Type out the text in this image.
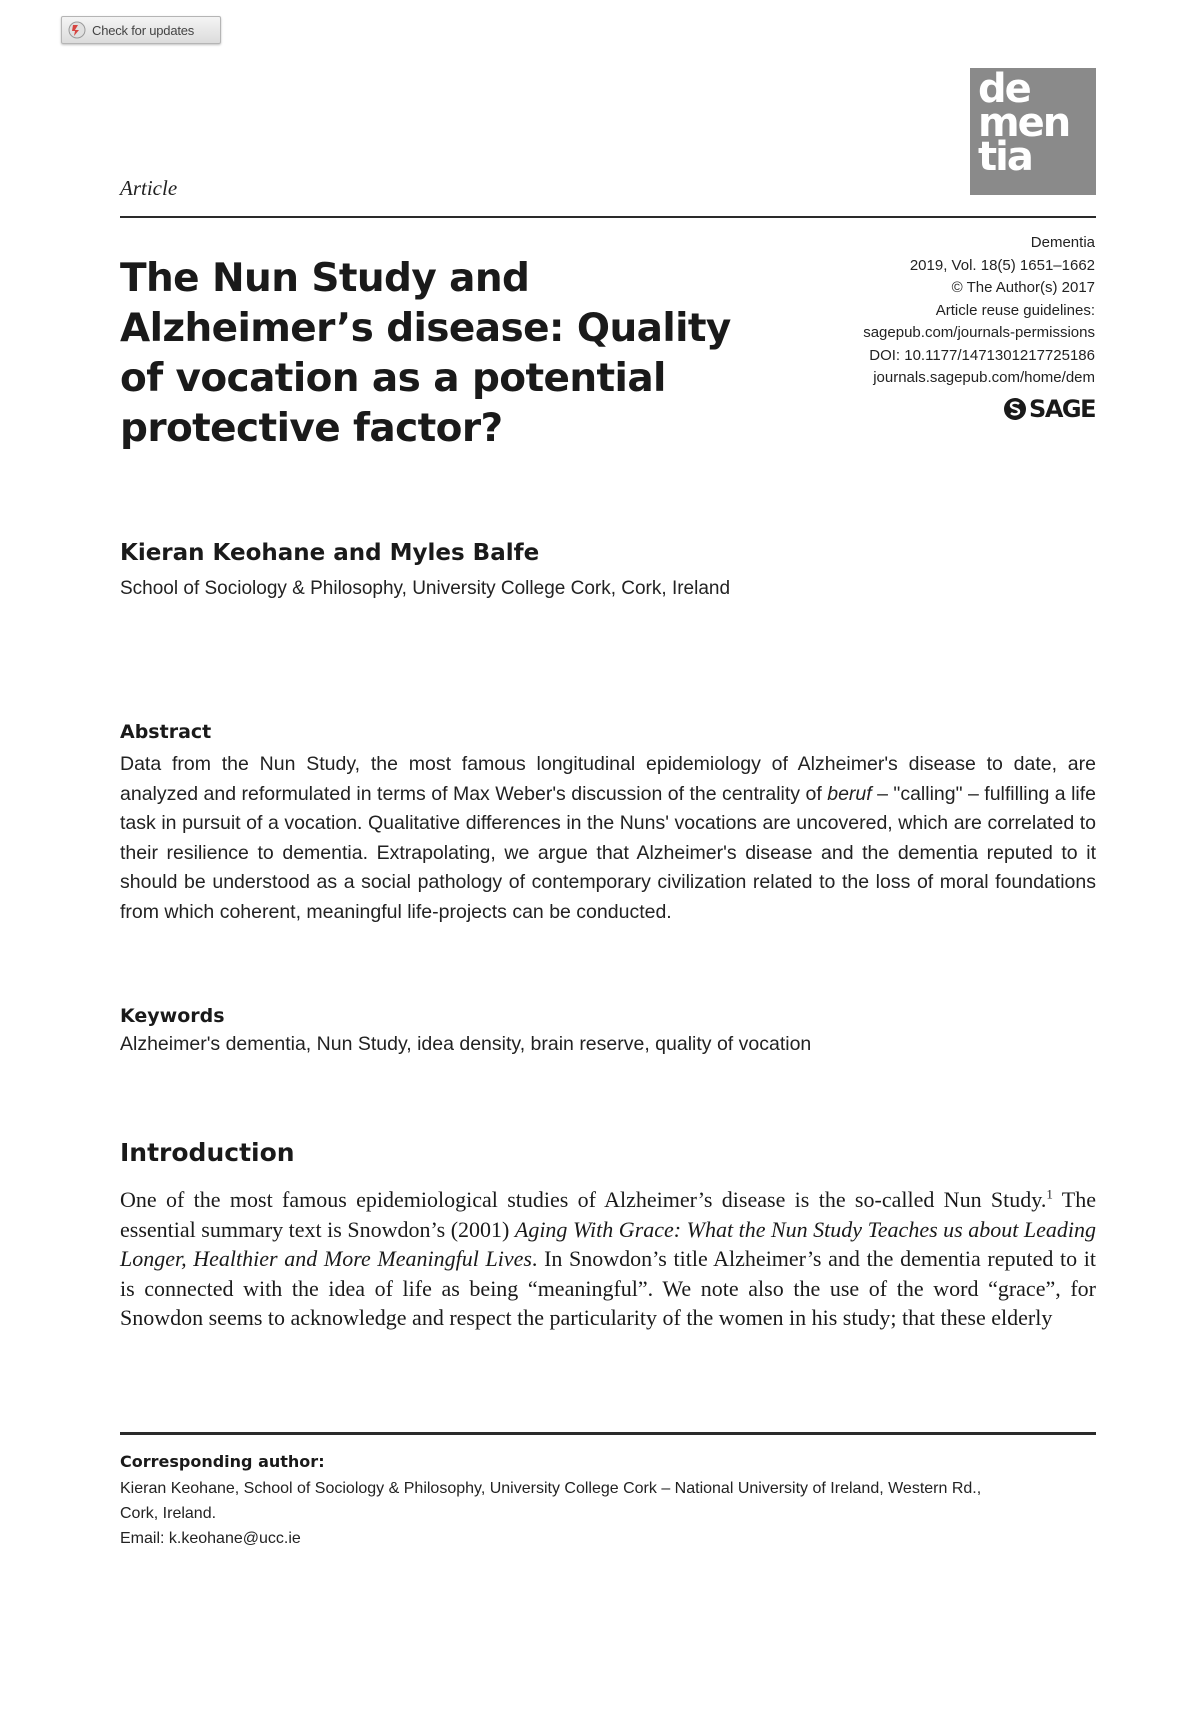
Check for updates
de
men
tia
Article
The Nun Study and Alzheimer’s disease: Quality of vocation as a potential protective factor?
Dementia
2019, Vol. 18(5) 1651–1662
© The Author(s) 2017
Article reuse guidelines:
sagepub.com/journals-permissions
DOI: 10.1177/1471301217725186
journals.sagepub.com/home/dem
SAGE
Kieran Keohane and Myles Balfe
School of Sociology & Philosophy, University College Cork, Cork, Ireland
Abstract

Data from the Nun Study, the most famous longitudinal epidemiology of Alzheimer's disease to date, are analyzed and reformulated in terms of Max Weber's discussion of the centrality of beruf – "calling" – fulfilling a life task in pursuit of a vocation. Qualitative differences in the Nuns' vocations are uncovered, which are correlated to their resilience to dementia. Extrapolating, we argue that Alzheimer's disease and the dementia reputed to it should be understood as a social pathology of contemporary civilization related to the loss of moral foundations from which coherent, meaningful life-projects can be conducted.

Keywords
Alzheimer's dementia, Nun Study, idea density, brain reserve, quality of vocation
Introduction

One of the most famous epidemiological studies of Alzheimer’s disease is the so-called Nun Study.$^1$ The essential summary text is Snowdon’s (2001) Aging With Grace: What the Nun Study Teaches us about Leading Longer, Healthier and More Meaningful Lives. In Snowdon’s title Alzheimer’s and the dementia reputed to it is connected with the idea of life as being “meaningful”. We note also the use of the word “grace”, for Snowdon seems to acknowledge and respect the particularity of the women in his study; that these elderly

Corresponding author:
Kieran Keohane, School of Sociology & Philosophy, University College Cork – National University of Ireland, Western Rd.,
Cork, Ireland.
Email: k.keohane@ucc.ie
